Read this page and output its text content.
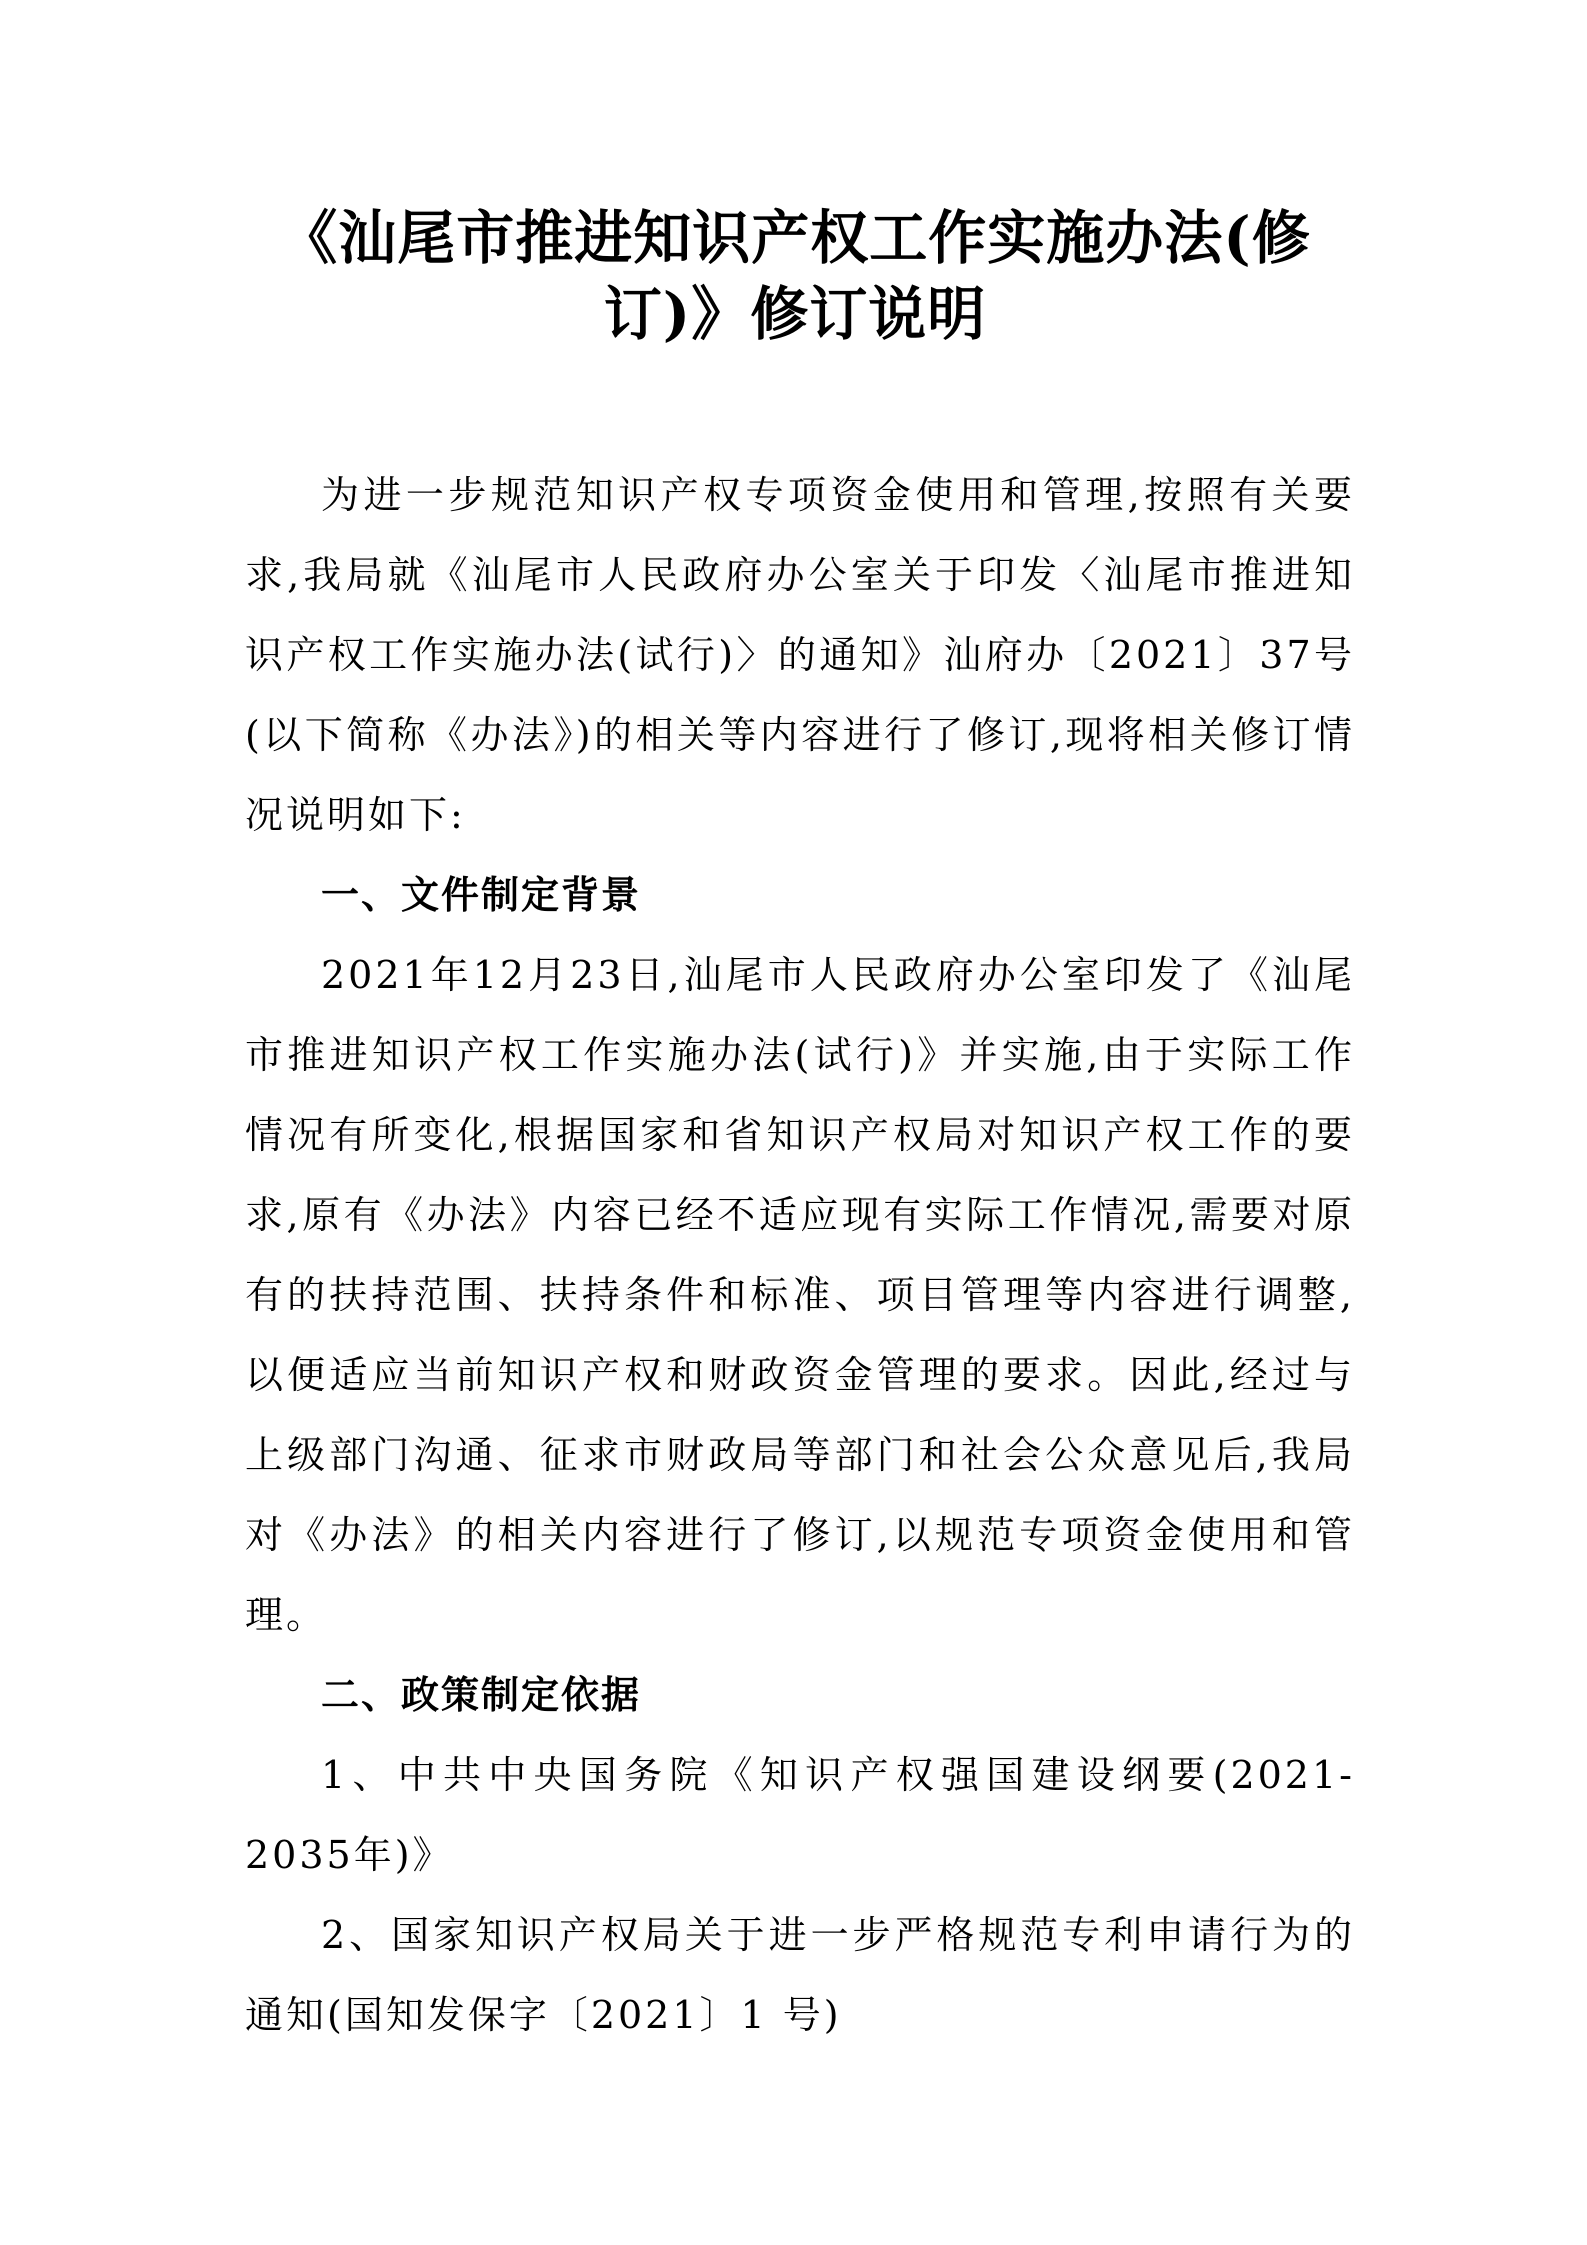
《汕尾市推进知识产权工作实施办法(修订)》修订说明

为进一步规范知识产权专项资金使用和管理,按照有关要求,我局就《汕尾市人民政府办公室关于印发〈汕尾市推进知识产权工作实施办法(试行)〉的通知》汕府办〔2021〕37号(以下简称《办法》)的相关等内容进行了修订,现将相关修订情况说明如下:

一、文件制定背景

2021年12月23日,汕尾市人民政府办公室印发了《汕尾市推进知识产权工作实施办法(试行)》并实施,由于实际工作情况有所变化,根据国家和省知识产权局对知识产权工作的要求,原有《办法》内容已经不适应现有实际工作情况,需要对原有的扶持范围、扶持条件和标准、项目管理等内容进行调整,以便适应当前知识产权和财政资金管理的要求。因此,经过与上级部门沟通、征求市财政局等部门和社会公众意见后,我局对《办法》的相关内容进行了修订,以规范专项资金使用和管理。

二、政策制定依据

1、中共中央国务院《知识产权强国建设纲要(2021-2035年)》

2、国家知识产权局关于进一步严格规范专利申请行为的通知(国知发保字〔2021〕1 号)
